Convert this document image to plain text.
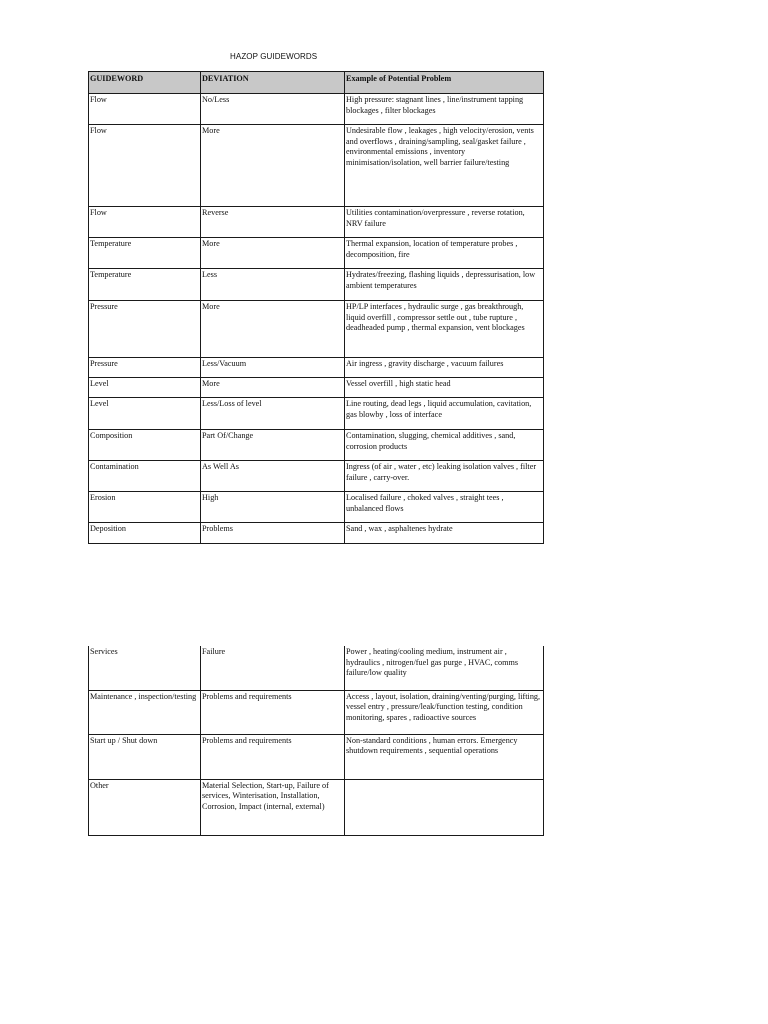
HAZOP GUIDEWORDS
GUIDEWORD	DEVIATION	Example of Potential Problem
Flow	No/Less	High pressure: stagnant lines , line/instrument tapping blockages , filter blockages
Flow	More	Undesirable flow , leakages , high velocity/erosion, vents and overflows , draining/sampling, seal/gasket failure , environmental emissions , inventory minimisation/isolation, well barrier failure/testing
Flow	Reverse	Utilities contamination/overpressure , reverse rotation, NRV failure
Temperature	More	Thermal expansion, location of temperature probes , decomposition, fire
Temperature	Less	Hydrates/freezing, flashing liquids , depressurisation, low ambient temperatures
Pressure	More	HP/LP interfaces , hydraulic surge , gas breakthrough, liquid overfill , compressor settle out , tube rupture , deadheaded pump , thermal expansion, vent blockages
Pressure	Less/Vacuum	Air ingress , gravity discharge , vacuum failures
Level	More	Vessel overfill , high static head
Level	Less/Loss of level	Line routing, dead legs , liquid accumulation, cavitation, gas blowby , loss of interface
Composition	Part Of/Change	Contamination, slugging, chemical additives , sand, corrosion products
Contamination	As Well As	Ingress (of air , water , etc) leaking isolation valves , filter failure , carry-over.
Erosion	High	Localised failure , choked valves , straight tees , unbalanced flows
Deposition	Problems	Sand , wax , asphaltenes hydrate
Services	Failure	Power , heating/cooling medium, instrument air , hydraulics , nitrogen/fuel gas purge , HVAC, comms failure/low quality
Maintenance , inspection/testing	Problems and requirements	Access , layout, isolation, draining/venting/purging, lifting, vessel entry , pressure/leak/function testing, condition monitoring, spares , radioactive sources
Start up / Shut down	Problems and requirements	Non-standard conditions , human errors. Emergency shutdown requirements , sequential operations
Other	Material Selection, Start-up, Failure of services, Winterisation, Installation, Corrosion, Impact (internal, external)	
